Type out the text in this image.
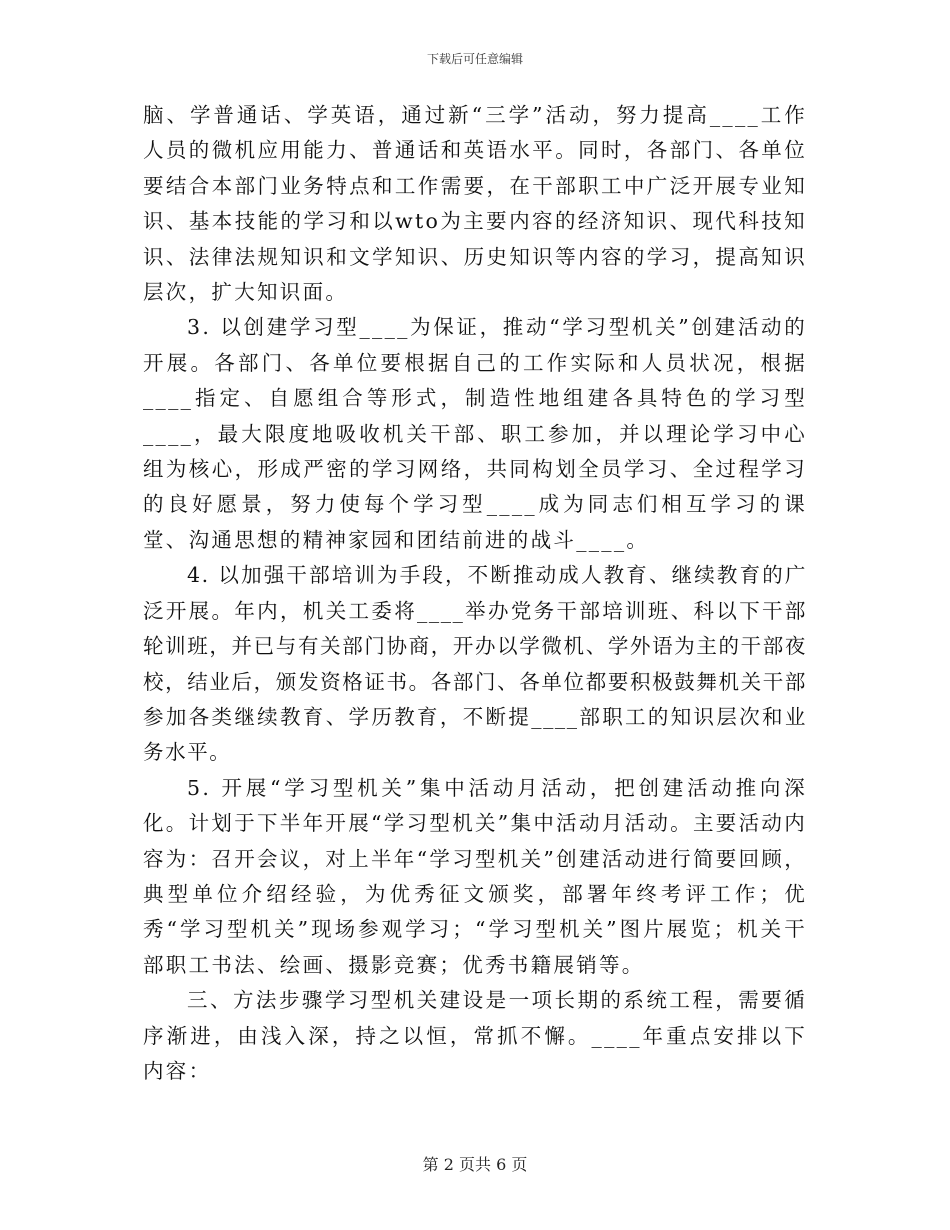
下载后可任意编辑

脑、学普通话、学英语，通过新“三学”活动，努力提高____工作人员的微机应用能力、普通话和英语水平。同时，各部门、各单位要结合本部门业务特点和工作需要，在干部职工中广泛开展专业知识、基本技能的学习和以wto为主要内容的经济知识、现代科技知识、法律法规知识和文学知识、历史知识等内容的学习，提高知识层次，扩大知识面。

3. 以创建学习型____为保证，推动“学习型机关”创建活动的开展。各部门、各单位要根据自己的工作实际和人员状况，根据____指定、自愿组合等形式，制造性地组建各具特色的学习型____，最大限度地吸收机关干部、职工参加，并以理论学习中心组为核心，形成严密的学习网络，共同构划全员学习、全过程学习的良好愿景，努力使每个学习型____成为同志们相互学习的课堂、沟通思想的精神家园和团结前进的战斗____。

4. 以加强干部培训为手段，不断推动成人教育、继续教育的广泛开展。年内，机关工委将____举办党务干部培训班、科以下干部轮训班，并已与有关部门协商，开办以学微机、学外语为主的干部夜校，结业后，颁发资格证书。各部门、各单位都要积极鼓舞机关干部参加各类继续教育、学历教育，不断提____部职工的知识层次和业务水平。

5. 开展“学习型机关”集中活动月活动，把创建活动推向深化。计划于下半年开展“学习型机关”集中活动月活动。主要活动内容为：召开会议，对上半年“学习型机关”创建活动进行简要回顾，典型单位介绍经验，为优秀征文颁奖，部署年终考评工作；优秀“学习型机关”现场参观学习；“学习型机关”图片展览；机关干部职工书法、绘画、摄影竞赛；优秀书籍展销等。

三、方法步骤学习型机关建设是一项长期的系统工程，需要循序渐进，由浅入深，持之以恒，常抓不懈。____年重点安排以下内容：

第 2 页共 6 页
